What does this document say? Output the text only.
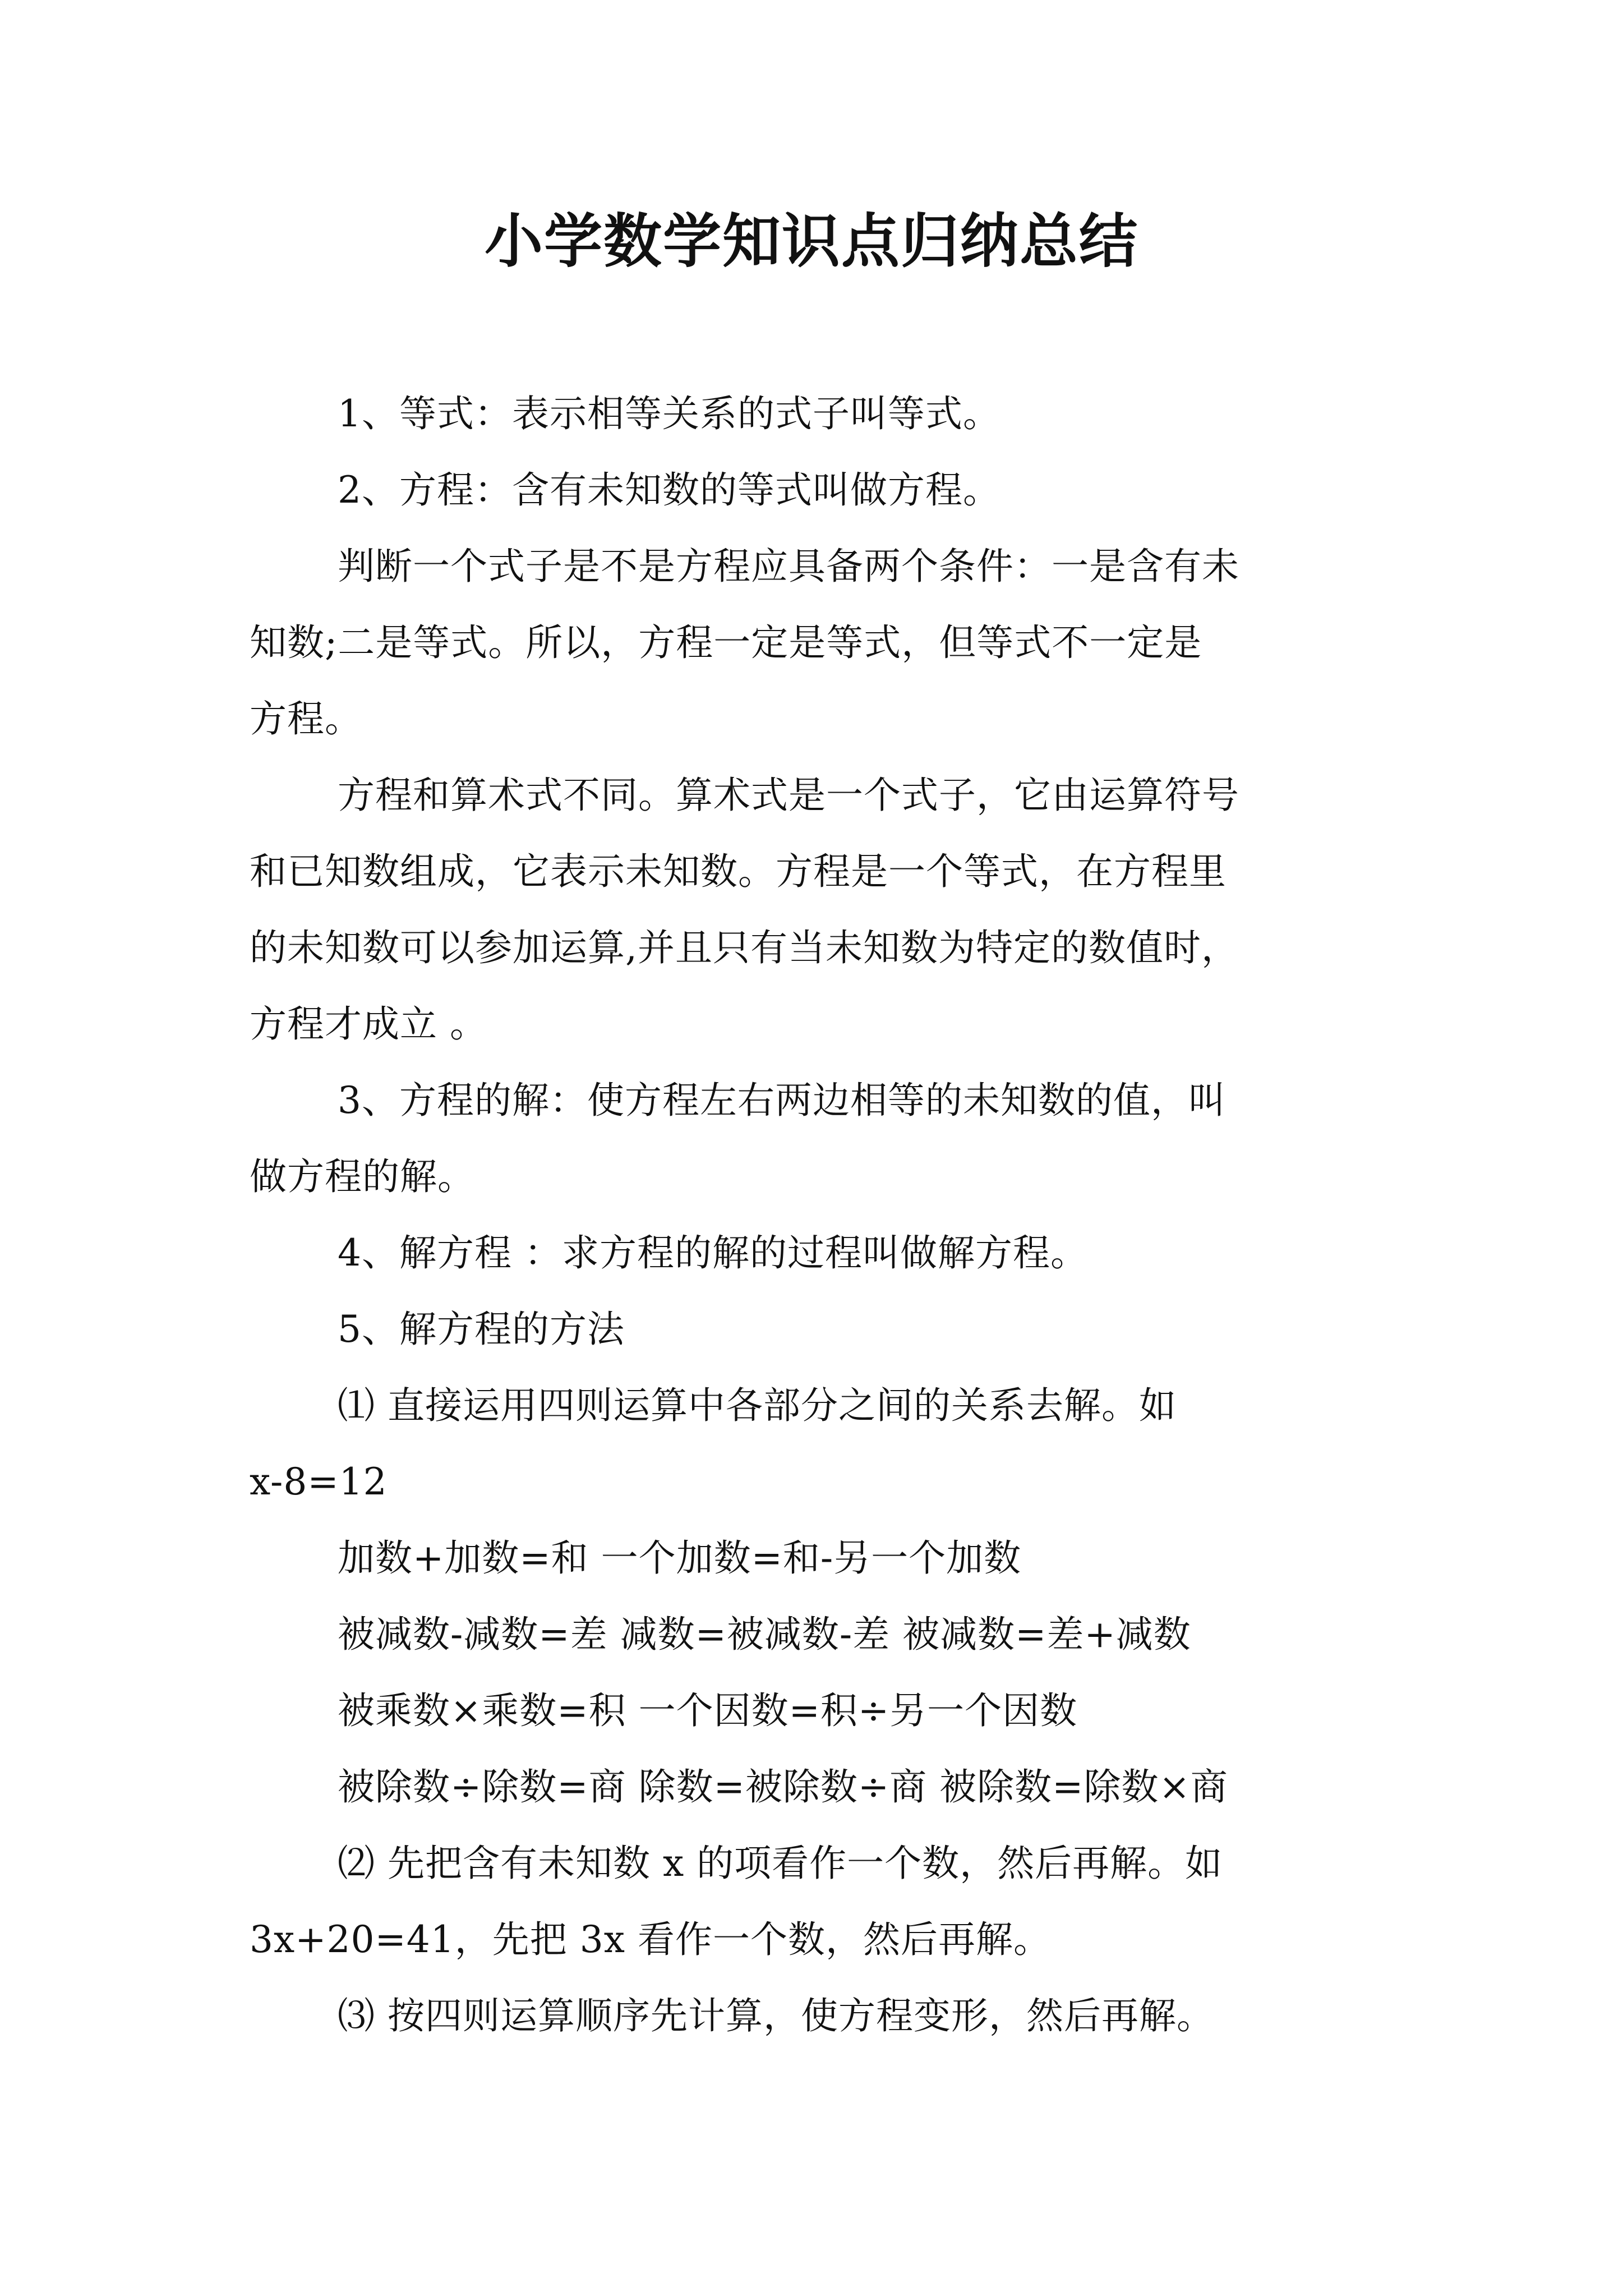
小学数学知识点归纳总结

1、等式：表示相等关系的式子叫等式。

2、方程：含有未知数的等式叫做方程。

判断一个式子是不是方程应具备两个条件：一是含有未

知数;二是等式。所以，方程一定是等式，但等式不一定是

方程。

方程和算术式不同。算术式是一个式子，它由运算符号

和已知数组成，它表示未知数。方程是一个等式，在方程里

的未知数可以参加运算,并且只有当未知数为特定的数值时，

方程才成立 。

3、方程的解：使方程左右两边相等的未知数的值，叫

做方程的解。

4、解方程 ：求方程的解的过程叫做解方程。

5、解方程的方法

⑴ 直接运用四则运算中各部分之间的关系去解。如

x-8=12

加数+加数=和 一个加数=和-另一个加数

被减数-减数=差 减数=被减数-差 被减数=差+减数

被乘数×乘数=积 一个因数=积÷另一个因数

被除数÷除数=商 除数=被除数÷商 被除数=除数×商

⑵ 先把含有未知数 x 的项看作一个数，然后再解。如

3x+20=41，先把 3x 看作一个数，然后再解。

⑶ 按四则运算顺序先计算，使方程变形，然后再解。
